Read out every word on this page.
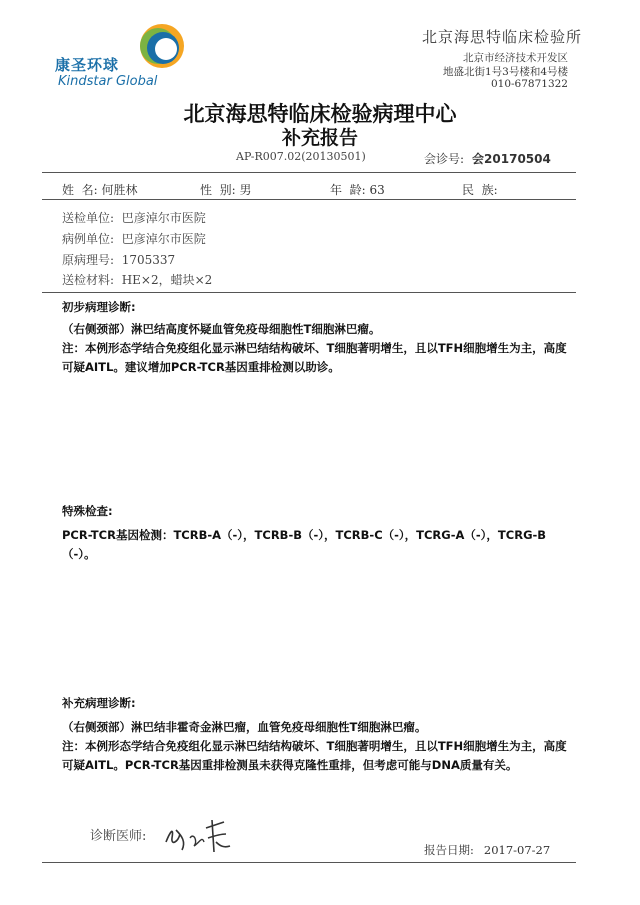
康圣环球
Kindstar Global
北京海思特临床检验所
北京市经济技术开发区
地盛北街1号3号楼和4号楼
010-67871322
北京海思特临床检验病理中心
补充报告
AP-R007.02(20130501)	会诊号: 会20170504
姓  名: 何胜林	性  别: 男	年  龄: 63	民  族:
送检单位: 巴彦淖尔市医院
病例单位: 巴彦淖尔市医院
原病理号: 1705337
送检材料: HE×2，蜡块×2
初步病理诊断:

（右侧颈部）淋巴结高度怀疑血管免疫母细胞性T细胞淋巴瘤。

注：本例形态学结合免疫组化显示淋巴结结构破坏、T细胞著明增生，且以TFH细胞增生为主，高度可疑AITL。建议增加PCR-TCR基因重排检测以助诊。

特殊检查:

PCR-TCR基因检测：TCRB-A（-），TCRB-B（-），TCRB-C（-），TCRG-A（-），TCRG-B（-）。

补充病理诊断:

（右侧颈部）淋巴结非霍奇金淋巴瘤，血管免疫母细胞性T细胞淋巴瘤。

注：本例形态学结合免疫组化显示淋巴结结构破坏、T细胞著明增生，且以TFH细胞增生为主，高度可疑AITL。PCR-TCR基因重排检测虽未获得克隆性重排，但考虑可能与DNA质量有关。

诊断医师:
报告日期: 2017-07-27
